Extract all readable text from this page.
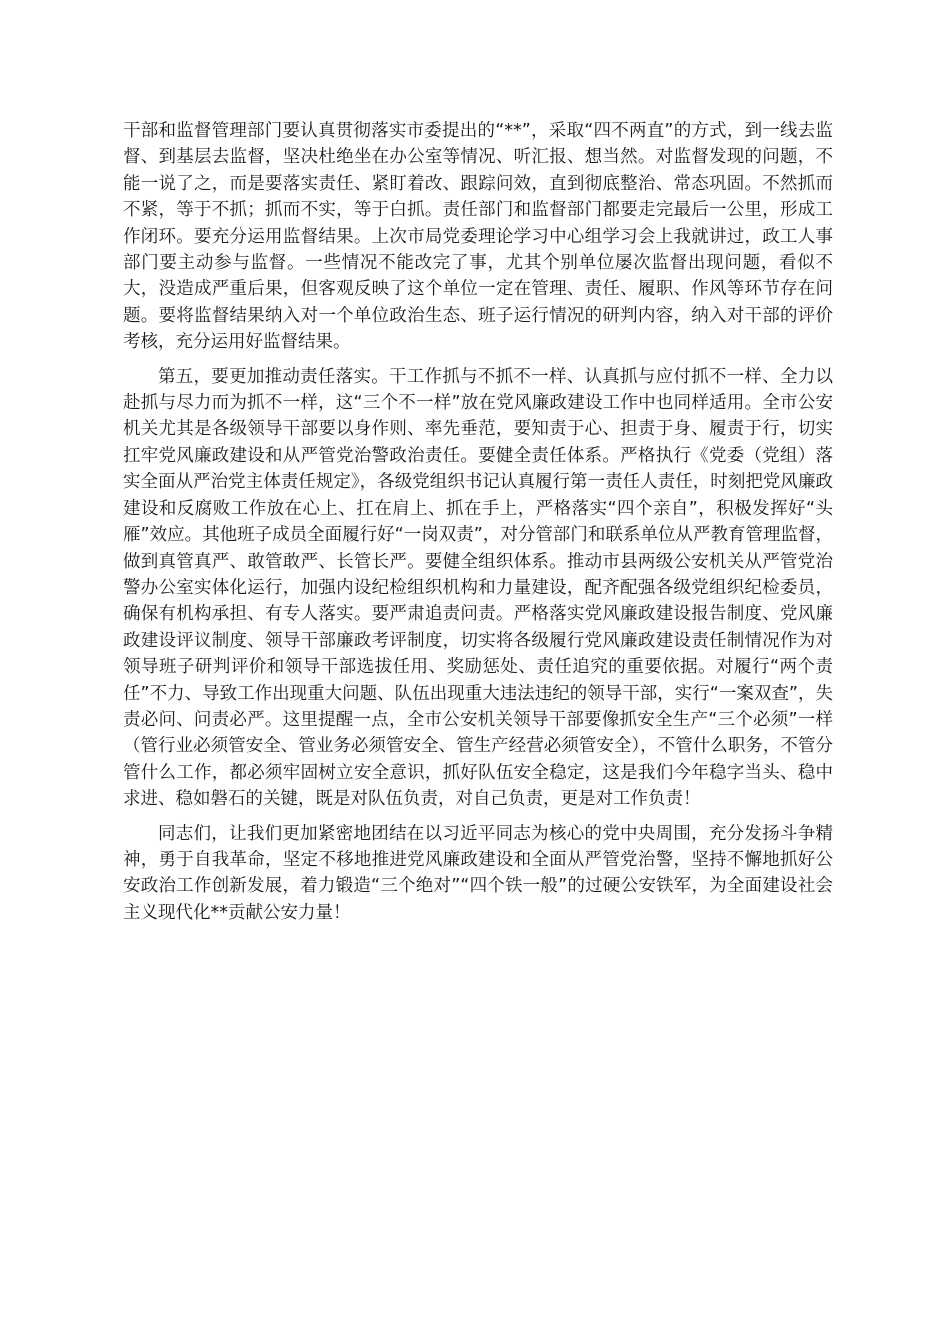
干部和监督管理部门要认真贯彻落实市委提出的“**”，采取“四不两直”的方式，到一线去监督、到基层去监督，坚决杜绝坐在办公室等情况、听汇报、想当然。对监督发现的问题，不能一说了之，而是要落实责任、紧盯着改、跟踪问效，直到彻底整治、常态巩固。不然抓而不紧，等于不抓；抓而不实，等于白抓。责任部门和监督部门都要走完最后一公里，形成工作闭环。要充分运用监督结果。上次市局党委理论学习中心组学习会上我就讲过，政工人事部门要主动参与监督。一些情况不能改完了事，尤其个别单位屡次监督出现问题，看似不大，没造成严重后果，但客观反映了这个单位一定在管理、责任、履职、作风等环节存在问题。要将监督结果纳入对一个单位政治生态、班子运行情况的研判内容，纳入对干部的评价考核，充分运用好监督结果。

第五，要更加推动责任落实。干工作抓与不抓不一样、认真抓与应付抓不一样、全力以赴抓与尽力而为抓不一样，这“三个不一样”放在党风廉政建设工作中也同样适用。全市公安机关尤其是各级领导干部要以身作则、率先垂范，要知责于心、担责于身、履责于行，切实扛牢党风廉政建设和从严管党治警政治责任。要健全责任体系。严格执行《党委（党组）落实全面从严治党主体责任规定》，各级党组织书记认真履行第一责任人责任，时刻把党风廉政建设和反腐败工作放在心上、扛在肩上、抓在手上，严格落实“四个亲自”，积极发挥好“头雁”效应。其他班子成员全面履行好“一岗双责”，对分管部门和联系单位从严教育管理监督，做到真管真严、敢管敢严、长管长严。要健全组织体系。推动市县两级公安机关从严管党治警办公室实体化运行，加强内设纪检组织机构和力量建设，配齐配强各级党组织纪检委员，确保有机构承担、有专人落实。要严肃追责问责。严格落实党风廉政建设报告制度、党风廉政建设评议制度、领导干部廉政考评制度，切实将各级履行党风廉政建设责任制情况作为对领导班子研判评价和领导干部选拔任用、奖励惩处、责任追究的重要依据。对履行“两个责任”不力、导致工作出现重大问题、队伍出现重大违法违纪的领导干部，实行“一案双查”，失责必问、问责必严。这里提醒一点，全市公安机关领导干部要像抓安全生产“三个必须”一样（管行业必须管安全、管业务必须管安全、管生产经营必须管安全），不管什么职务，不管分管什么工作，都必须牢固树立安全意识，抓好队伍安全稳定，这是我们今年稳字当头、稳中求进、稳如磐石的关键，既是对队伍负责，对自己负责，更是对工作负责！

同志们，让我们更加紧密地团结在以习近平同志为核心的党中央周围，充分发扬斗争精神，勇于自我革命，坚定不移地推进党风廉政建设和全面从严管党治警，坚持不懈地抓好公安政治工作创新发展，着力锻造“三个绝对”“四个铁一般”的过硬公安铁军，为全面建设社会主义现代化**贡献公安力量！
